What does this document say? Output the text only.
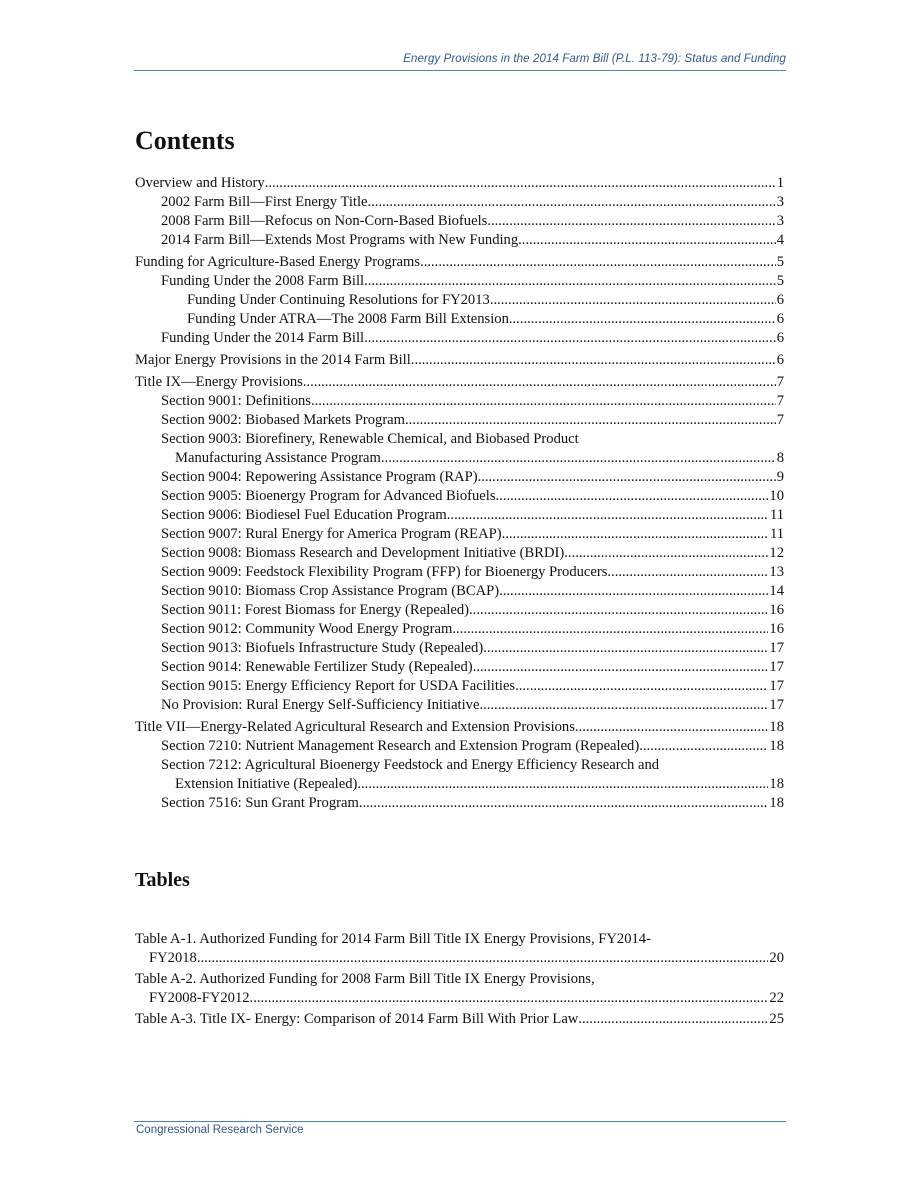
Energy Provisions in the 2014 Farm Bill (P.L. 113-79): Status and Funding
Contents
Overview and History .....	1
2002 Farm Bill—First Energy Title .....	3
2008 Farm Bill—Refocus on Non-Corn-Based Biofuels .....	3
2014 Farm Bill—Extends Most Programs with New Funding .....	4
Funding for Agriculture-Based Energy Programs .....	5
Funding Under the 2008 Farm Bill .....	5
Funding Under Continuing Resolutions for FY2013 .....	6
Funding Under ATRA—The 2008 Farm Bill Extension .....	6
Funding Under the 2014 Farm Bill .....	6
Major Energy Provisions in the 2014 Farm Bill .....	6
Title IX—Energy Provisions .....	7
Section 9001: Definitions .....	7
Section 9002: Biobased Markets Program .....	7
Section 9003: Biorefinery, Renewable Chemical, and Biobased Product
Manufacturing Assistance Program .....	8
Section 9004: Repowering Assistance Program (RAP) .....	9
Section 9005: Bioenergy Program for Advanced Biofuels .....	10
Section 9006: Biodiesel Fuel Education Program .....	11
Section 9007: Rural Energy for America Program (REAP) .....	11
Section 9008: Biomass Research and Development Initiative (BRDI) .....	12
Section 9009: Feedstock Flexibility Program (FFP) for Bioenergy Producers .....	13
Section 9010: Biomass Crop Assistance Program (BCAP) .....	14
Section 9011: Forest Biomass for Energy (Repealed) .....	16
Section 9012: Community Wood Energy Program .....	16
Section 9013: Biofuels Infrastructure Study (Repealed) .....	17
Section 9014: Renewable Fertilizer Study (Repealed) .....	17
Section 9015: Energy Efficiency Report for USDA Facilities .....	17
No Provision: Rural Energy Self-Sufficiency Initiative .....	17
Title VII—Energy-Related Agricultural Research and Extension Provisions .....	18
Section 7210: Nutrient Management Research and Extension Program (Repealed) .....	18
Section 7212: Agricultural Bioenergy Feedstock and Energy Efficiency Research and
Extension Initiative (Repealed) .....	18
Section 7516: Sun Grant Program .....	18
Tables
Table A-1. Authorized Funding for 2014 Farm Bill Title IX Energy Provisions, FY2014-
FY2018 .....	20
Table A-2. Authorized Funding for 2008 Farm Bill Title IX Energy Provisions,
FY2008-FY2012 .....	22
Table A-3. Title IX- Energy: Comparison of 2014 Farm Bill With Prior Law .....	25
Congressional Research Service
